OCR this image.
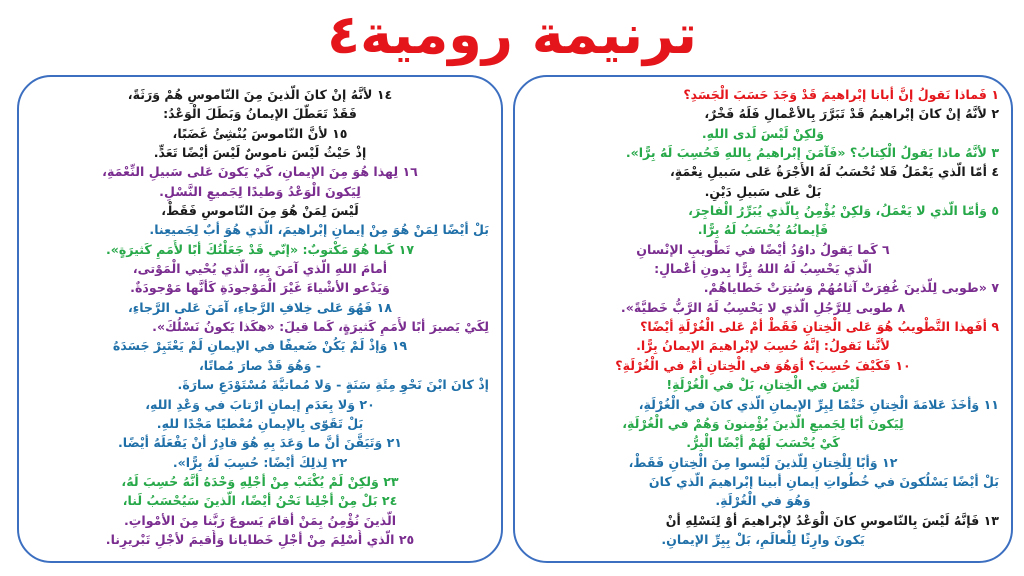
ترنيمة رومية٤
١ فَماذا نَقولُ إنَّ أبانا إبْراهيمَ قَدْ وَجَدَ حَسَبَ الْجَسَدِ؟
٢ لأنَّهُ إنْ كانَ إبْراهيمُ قَدْ تَبَرَّرَ بِالأعْمالِ فَلَهُ فَخْرٌ،
وَلكِنْ لَيْسَ لَدى اللهِ.
٣ لأنَّهُ ماذا يَقولُ الْكِتابُ؟ «فَآمَنَ إبْراهيمُ بِاللهِ فَحُسِبَ لَهُ بِرًّا».
٤ أمّا الَّذي يَعْمَلُ فَلا تُحْسَبُ لَهُ الأُجْرَةُ عَلى سَبيلِ نِعْمَةٍ،
بَلْ عَلى سَبيلِ دَيْنٍ.
٥ وَأمّا الَّذي لا يَعْمَلُ، وَلكِنْ يُؤْمِنُ بِالَّذي يُبَرِّرُ الْفاجِرَ،
فَإيمانُهُ يُحْسَبُ لَهُ بِرًّا.
٦ كَما يَقولُ داوُدُ أيْضًا في تَطْويبِ الإنْسانِ
الَّذي يَحْسِبُ لَهُ اللهُ بِرًّا بِدونِ أعْمالٍ:
٧ «طوبى لِلَّذينَ غُفِرَتْ آثامُهُمْ وَسُتِرَتْ خَطاياهُمْ.
٨ طوبى لِلرَّجُلِ الَّذي لا يَحْسِبُ لَهُ الرَّبُّ خَطيَّةً».
٩ أفَهذا التَّطْويبُ هُوَ عَلى الْخِتانِ فَقَطْ أمْ عَلى الْغُرْلَةِ أيْضًا؟
لأنَّنا نَقولُ: إنَّهُ حُسِبَ لإبْراهيمَ الإيمانُ بِرًّا.
١٠ فَكَيْفَ حُسِبَ؟ أوَهُوَ في الْخِتانِ أمْ في الْغُرْلَةِ؟
لَيْسَ في الْخِتانِ، بَلْ في الْغُرْلَةِ!
١١ وَأخَذَ عَلامَةَ الْخِتانِ خَتْمًا لِبِرِّ الإيمانِ الَّذي كانَ في الْغُرْلَةِ،
لِيَكونَ أبًا لِجَميعِ الَّذينَ يُؤْمِنونَ وَهُمْ في الْغُرْلَةِ،
كَيْ يُحْسَبَ لَهُمْ أيْضًا الْبِرُّ.
١٢ وَأبًا لِلْخِتانِ لِلَّذينَ لَيْسوا مِنَ الْخِتانِ فَقَطْ،
بَلْ أيْضًا يَسْلُكونَ في خُطُواتِ إيمانِ أبينا إبْراهيمَ الَّذي كانَ
وَهُوَ في الْغُرْلَةِ.
١٣ فَإنَّهُ لَيْسَ بِالنّاموسِ كانَ الْوَعْدُ لإبْراهيمَ أوْ لِنَسْلِهِ أنْ
يَكونَ وارِثًا لِلْعالَمِ، بَلْ بِبِرِّ الإيمانِ.
١٤ لأنَّهُ إنْ كانَ الَّذينَ مِنَ النّاموسِ هُمْ وَرَثَةً،
فَقَدْ تَعَطَّلَ الإيمانُ وَبَطَلَ الْوَعْدُ:
١٥ لأنَّ النّاموسَ يُنْشِئُ غَضَبًا،
إذْ حَيْثُ لَيْسَ ناموسٌ لَيْسَ أيْضًا تَعَدٍّ.
١٦ لِهذا هُوَ مِنَ الإيمانِ، كَيْ يَكونَ عَلى سَبيلِ النِّعْمَةِ،
لِيَكونَ الْوَعْدُ وَطيدًا لِجَميعِ النَّسْلِ.
لَيْسَ لِمَنْ هُوَ مِنَ النّاموسِ فَقَطْ،
بَلْ أيْضًا لِمَنْ هُوَ مِنْ إيمانِ إبْراهيمَ، الَّذي هُوَ أبٌ لِجَميعِنا.
١٧ كَما هُوَ مَكْتوبٌ: «إنّي قَدْ جَعَلْتُكَ أبًا لأُمَمٍ كَثيرَةٍ».
أمامَ اللهِ الَّذي آمَنَ بِهِ، الَّذي يُحْيي الْمَوْتى،
وَيَدْعو الأشْياءَ غَيْرَ الْمَوْجودَةِ كَأنَّها مَوْجودَةٌ.
١٨ فَهُوَ عَلى خِلافِ الرَّجاءِ، آمَنَ عَلى الرَّجاءِ،
لِكَيْ يَصيرَ أبًا لأُمَمٍ كَثيرَةٍ، كَما قيلَ: «هكَذا يَكونُ نَسْلُكَ».
١٩ وَإذْ لَمْ يَكُنْ ضَعيفًا في الإيمانِ لَمْ يَعْتَبِرْ جَسَدَهُ
- وَهُوَ قَدْ صارَ مُماتًا،
إذْ كانَ ابْنَ نَحْوِ مِئَةِ سَنَةٍ - وَلا مُماتيَّةَ مُسْتَوْدَعِ سارَةَ.
٢٠ وَلا بِعَدَمِ إيمانٍ ارْتابَ في وَعْدِ اللهِ،
بَلْ تَقَوّى بِالإيمانِ مُعْطيًا مَجْدًا للهِ.
٢١ وَتَيَقَّنَ أنَّ ما وَعَدَ بِهِ هُوَ قادِرٌ أنْ يَفْعَلَهُ أيْضًا.
٢٢ لِذلِكَ أيْضًا: حُسِبَ لَهُ بِرًّا».
٢٣ وَلكِنْ لَمْ يُكْتَبْ مِنْ أجْلِهِ وَحْدَهُ أنَّهُ حُسِبَ لَهُ،
٢٤ بَلْ مِنْ أجْلِنا نَحْنُ أيْضًا، الَّذينَ سَيُحْسَبُ لَنا،
الَّذينَ نُؤْمِنُ بِمَنْ أقامَ يَسوعَ رَبَّنا مِنَ الأمْواتِ.
٢٥ الَّذي أُسْلِمَ مِنْ أجْلِ خَطايانا وَأُقيمَ لأجْلِ تَبْريرِنا.
